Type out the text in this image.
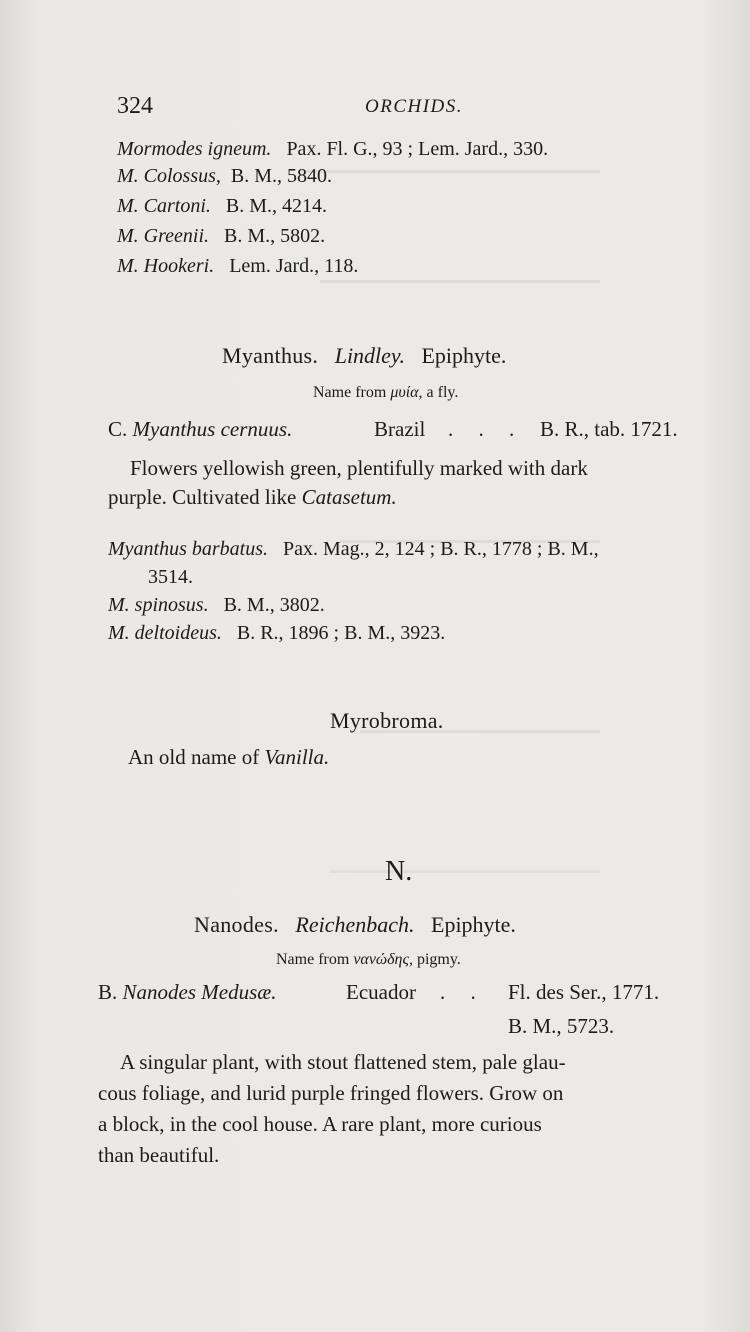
324	ORCHIDS.
Mormodes igneum. Pax. Fl. G., 93 ; Lem. Jard., 330.
M. Colossus, B. M., 5840.
M. Cartoni. B. M., 4214.
M. Greenii. B. M., 5802.
M. Hookeri. Lem. Jard., 118.
Myanthus. Lindley. Epiphyte.
Name from μυία, a fly.
C. Myanthus cernuus.	Brazil . . . B. R., tab. 1721.
Flowers yellowish green, plentifully marked with dark
purple. Cultivated like Catasetum.
Myanthus barbatus. Pax. Mag., 2, 124 ; B. R., 1778 ; B. M.,
3514.
M. spinosus. B. M., 3802.
M. deltoideus. B. R., 1896 ; B. M., 3923.
Myrobroma.
An old name of Vanilla.
N.
Nanodes. Reichenbach. Epiphyte.
Name from νανώδης, pigmy.
B. Nanodes Medusæ.	Ecuador . . Fl. des Ser., 1771.
B. M., 5723.
A singular plant, with stout flattened stem, pale glau-
cous foliage, and lurid purple fringed flowers. Grow on
a block, in the cool house. A rare plant, more curious
than beautiful.
